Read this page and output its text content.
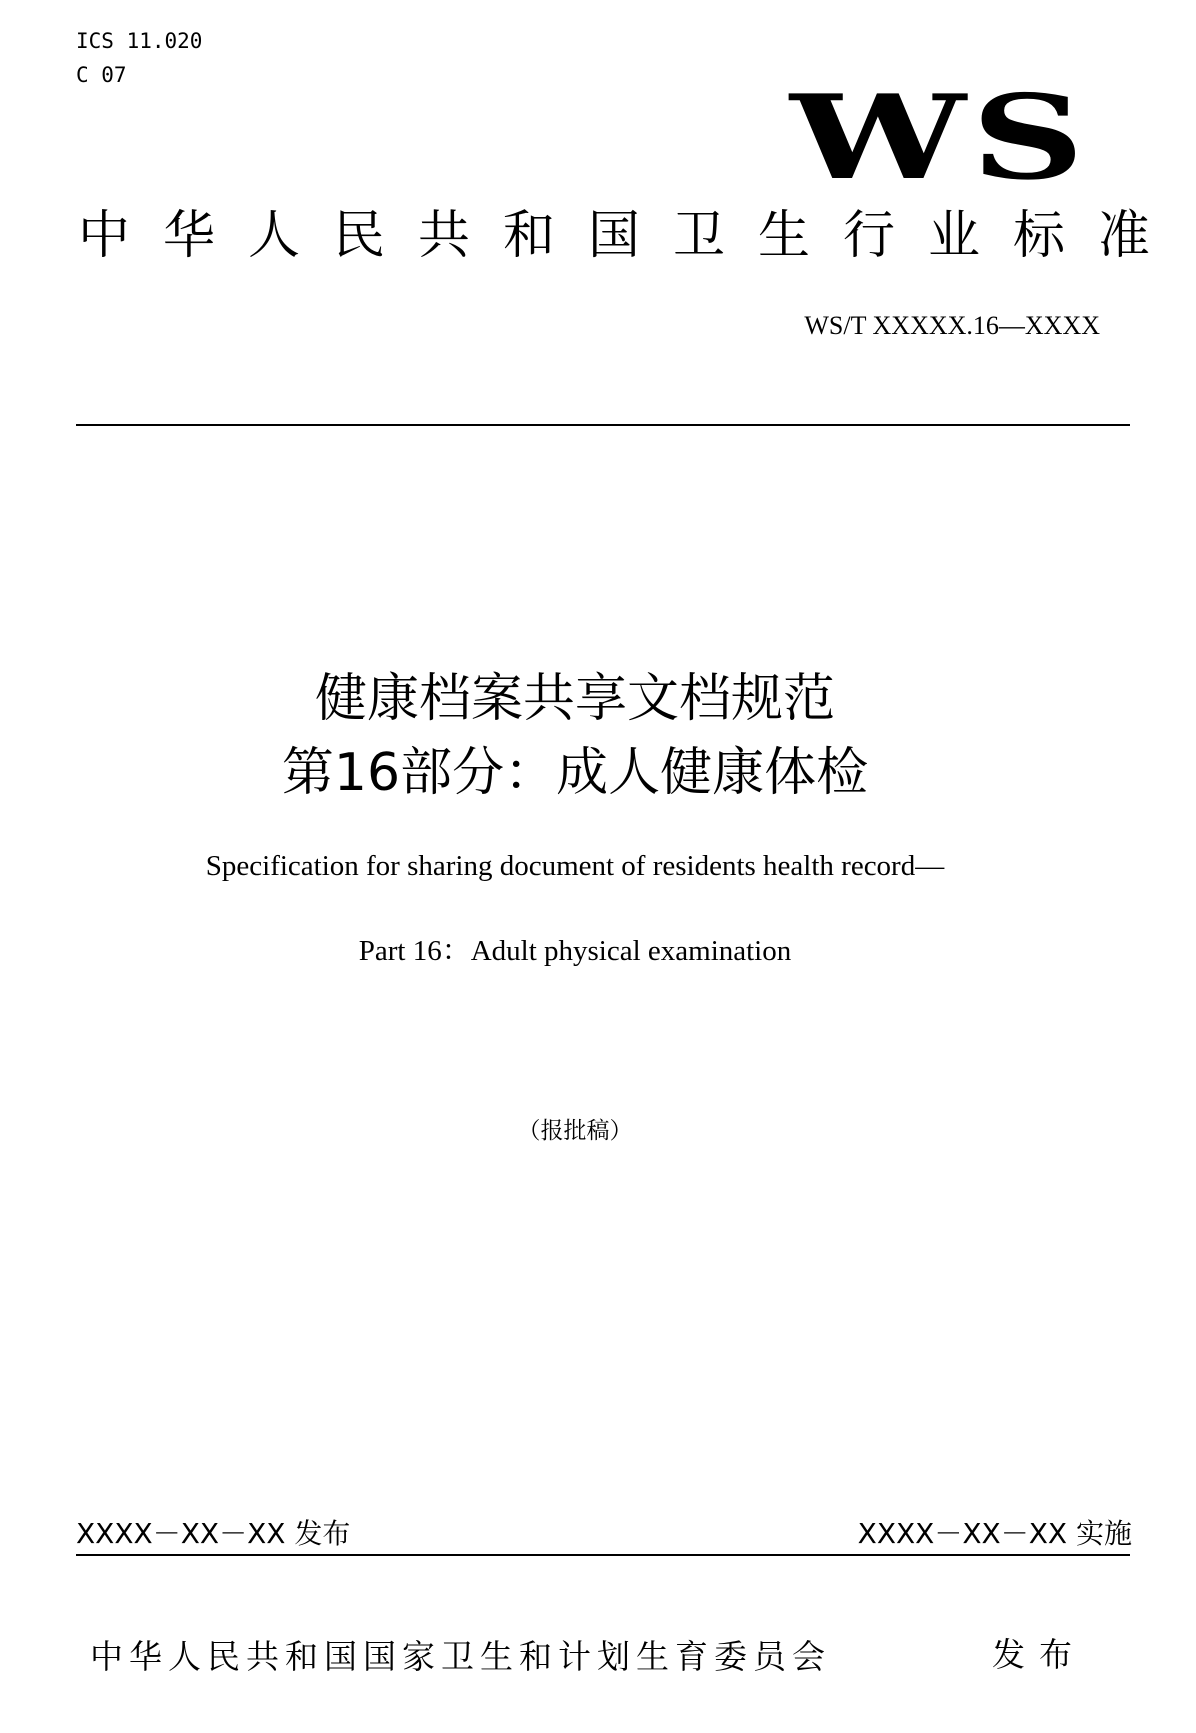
ICS 11.020
C 07	WS
中华人民共和国卫生行业标准
WS/T XXXXX.16—XXXX
健康档案共享文档规范
第16部分：成人健康体检
Specification for sharing document of residents health record—
Part 16：Adult physical examination
（报批稿）
XXXX－XX－XX 发布	XXXX－XX－XX 实施
中华人民共和国国家卫生和计划生育委员会	发布
